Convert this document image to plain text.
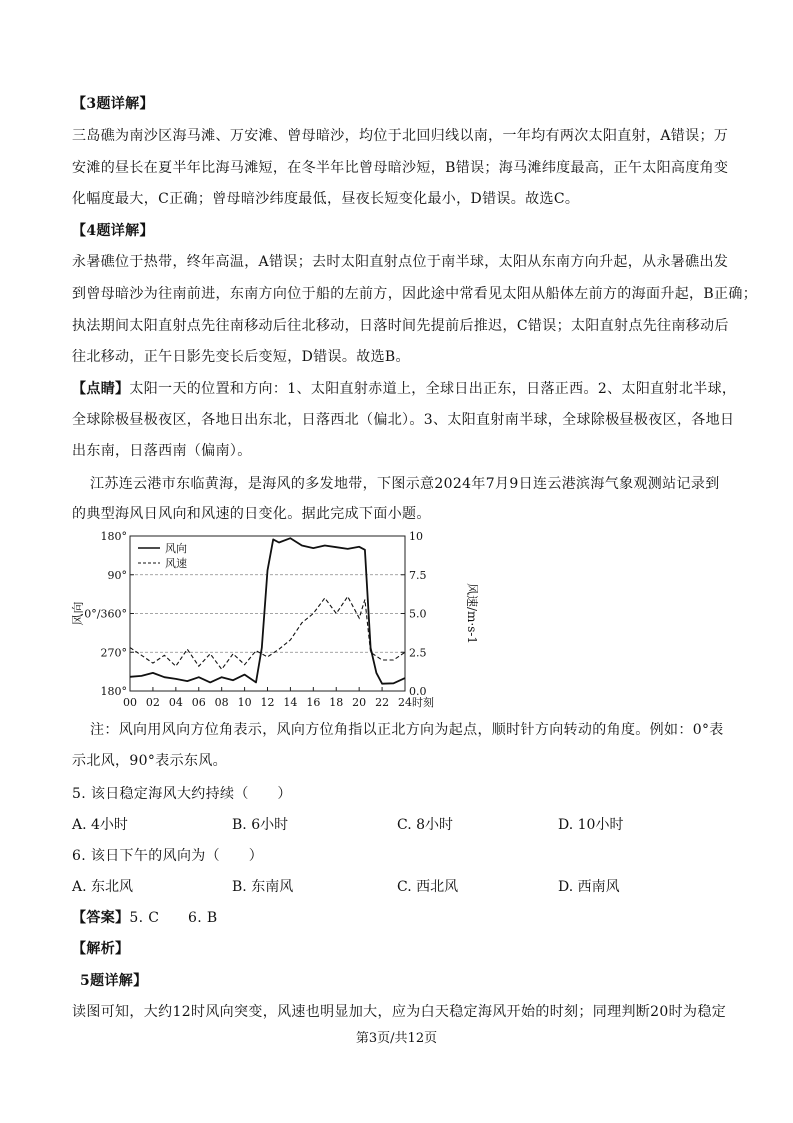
【3题详解】
三岛礁为南沙区海马滩、万安滩、曾母暗沙，均位于北回归线以南，一年均有两次太阳直射，A错误；万
安滩的昼长在夏半年比海马滩短，在冬半年比曾母暗沙短，B错误；海马滩纬度最高，正午太阳高度角变
化幅度最大，C正确；曾母暗沙纬度最低，昼夜长短变化最小，D错误。故选C。
【4题详解】
永暑礁位于热带，终年高温，A错误；去时太阳直射点位于南半球，太阳从东南方向升起，从永暑礁出发
到曾母暗沙为往南前进，东南方向位于船的左前方，因此途中常看见太阳从船体左前方的海面升起，B正确；
执法期间太阳直射点先往南移动后往北移动，日落时间先提前后推迟，C错误；太阳直射点先往南移动后
往北移动，正午日影先变长后变短，D错误。故选B。
【点睛】太阳一天的位置和方向：1、太阳直射赤道上，全球日出正东，日落正西。2、太阳直射北半球，
全球除极昼极夜区，各地日出东北，日落西北（偏北）。3、太阳直射南半球，全球除极昼极夜区，各地日
出东南，日落西南（偏南）。
江苏连云港市东临黄海，是海风的多发地带，下图示意2024年7月9日连云港滨海气象观测站记录到
的典型海风日风向和风速的日变化。据此完成下面小题。
180°
90°
0°/360°
270°
180°
10
7.5
5.0
2.5
0.0
00 02 04 06 08 10 12 14 16 18 20 22 24
风向
风速
时刻
风向	风速/m·s-1
注：风向用风向方位角表示，风向方位角指以正北方向为起点，顺时针方向转动的角度。例如：0°表
示北风，90°表示东风。
5. 该日稳定海风大约持续（　　）
A. 4小时	B. 6小时	C. 8小时	D. 10小时
6. 该日下午的风向为（　　）
A. 东北风	B. 东南风	C. 西北风	D. 西南风
【答案】5. C　　6. B
【解析】
5题详解】
读图可知，大约12时风向突变，风速也明显加大，应为白天稳定海风开始的时刻；同理判断20时为稳定
第3页/共12页
